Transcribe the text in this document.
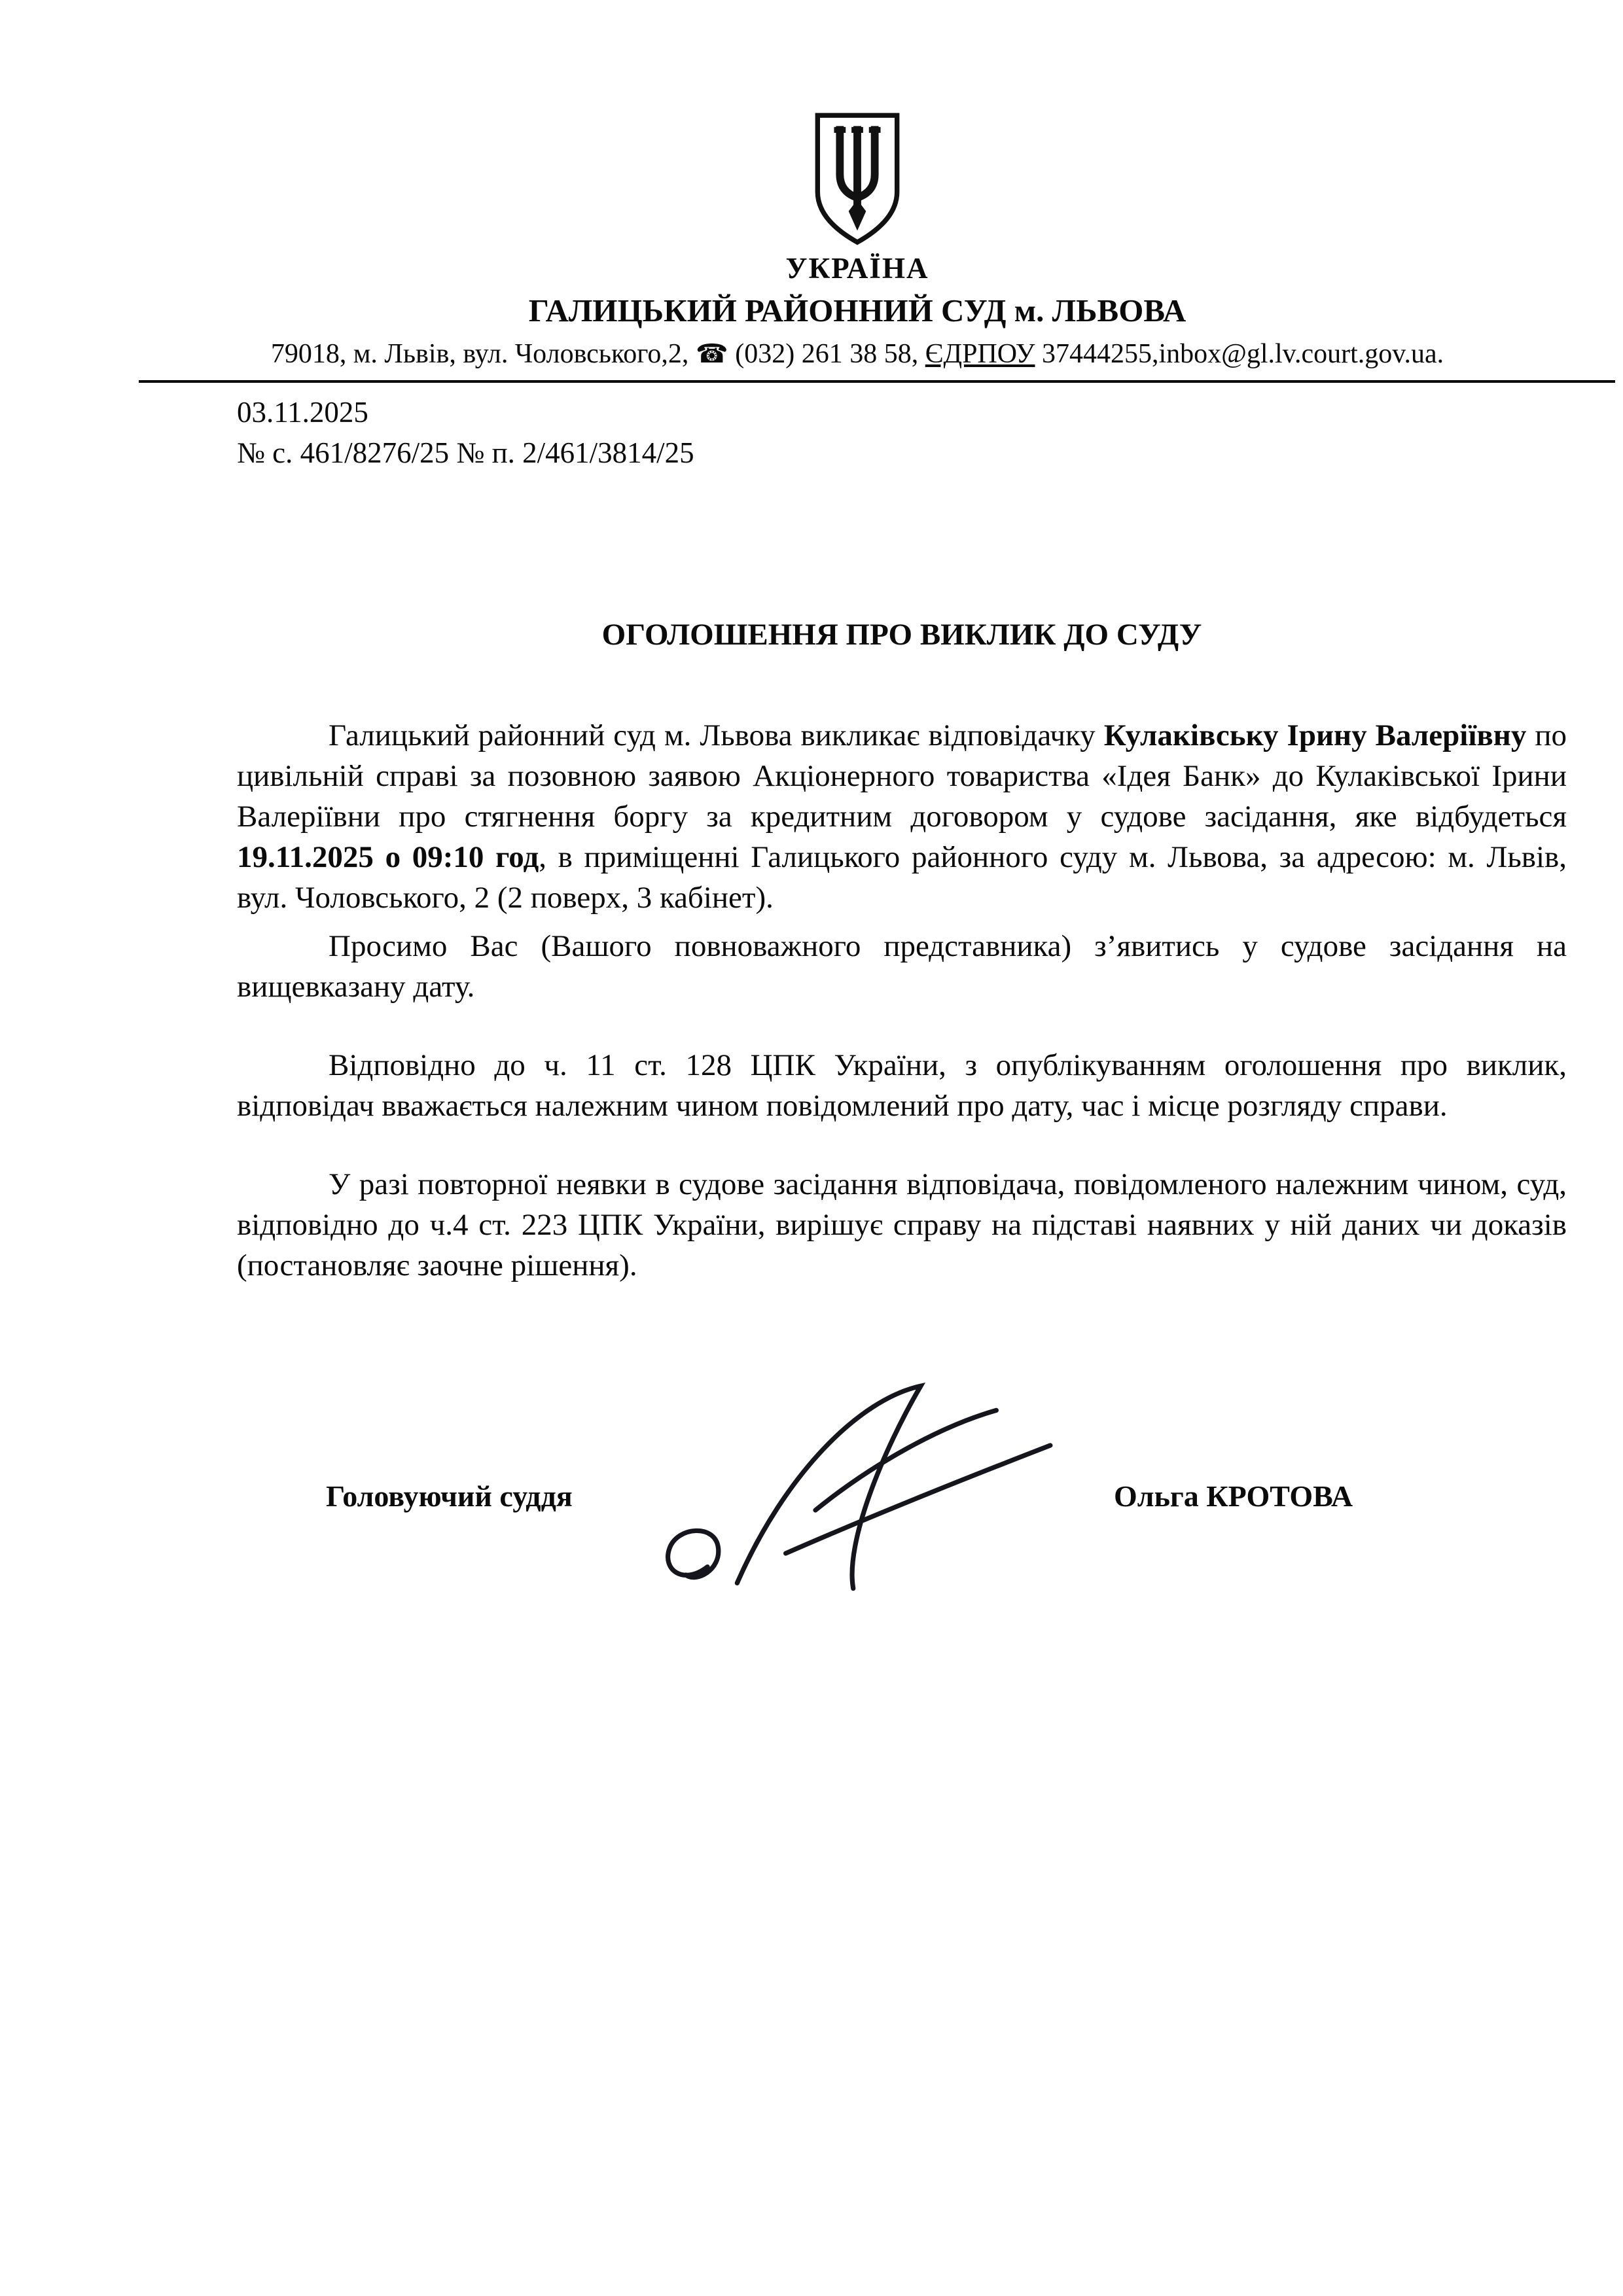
УКРАЇНА
ГАЛИЦЬКИЙ РАЙОННИЙ СУД м. ЛЬВОВА
79018, м. Львів, вул. Чоловського,2, ☎ (032) 261 38 58, ЄДРПОУ 37444255,inbox@gl.lv.court.gov.ua.
03.11.2025
№ с. 461/8276/25 № п. 2/461/3814/25
ОГОЛОШЕННЯ ПРО ВИКЛИК ДО СУДУ

Галицький районний суд м. Львова викликає відповідачку Кулаківську Ірину Валеріївну по цивільній справі за позовною заявою Акціонерного товариства «Ідея Банк» до Кулаківської Ірини Валеріївни про стягнення боргу за кредитним договором у судове засідання, яке відбудеться 19.11.2025 о 09:10 год, в приміщенні Галицького районного суду м. Львова, за адресою: м. Львів, вул. Чоловського, 2 (2 поверх, 3 кабінет).

Просимо Вас (Вашого повноважного представника) з’явитись у судове засідання на вищевказану дату.

Відповідно до ч. 11 ст. 128 ЦПК України, з опублікуванням оголошення про виклик, відповідач вважається належним чином повідомлений про дату, час і місце розгляду справи.

У разі повторної неявки в судове засідання відповідача, повідомленого належним чином, суд, відповідно до ч.4 ст. 223 ЦПК України, вирішує справу на підставі наявних у ній даних чи доказів (постановляє заочне рішення).

Головуючий суддя	Ольга КРОТОВА
